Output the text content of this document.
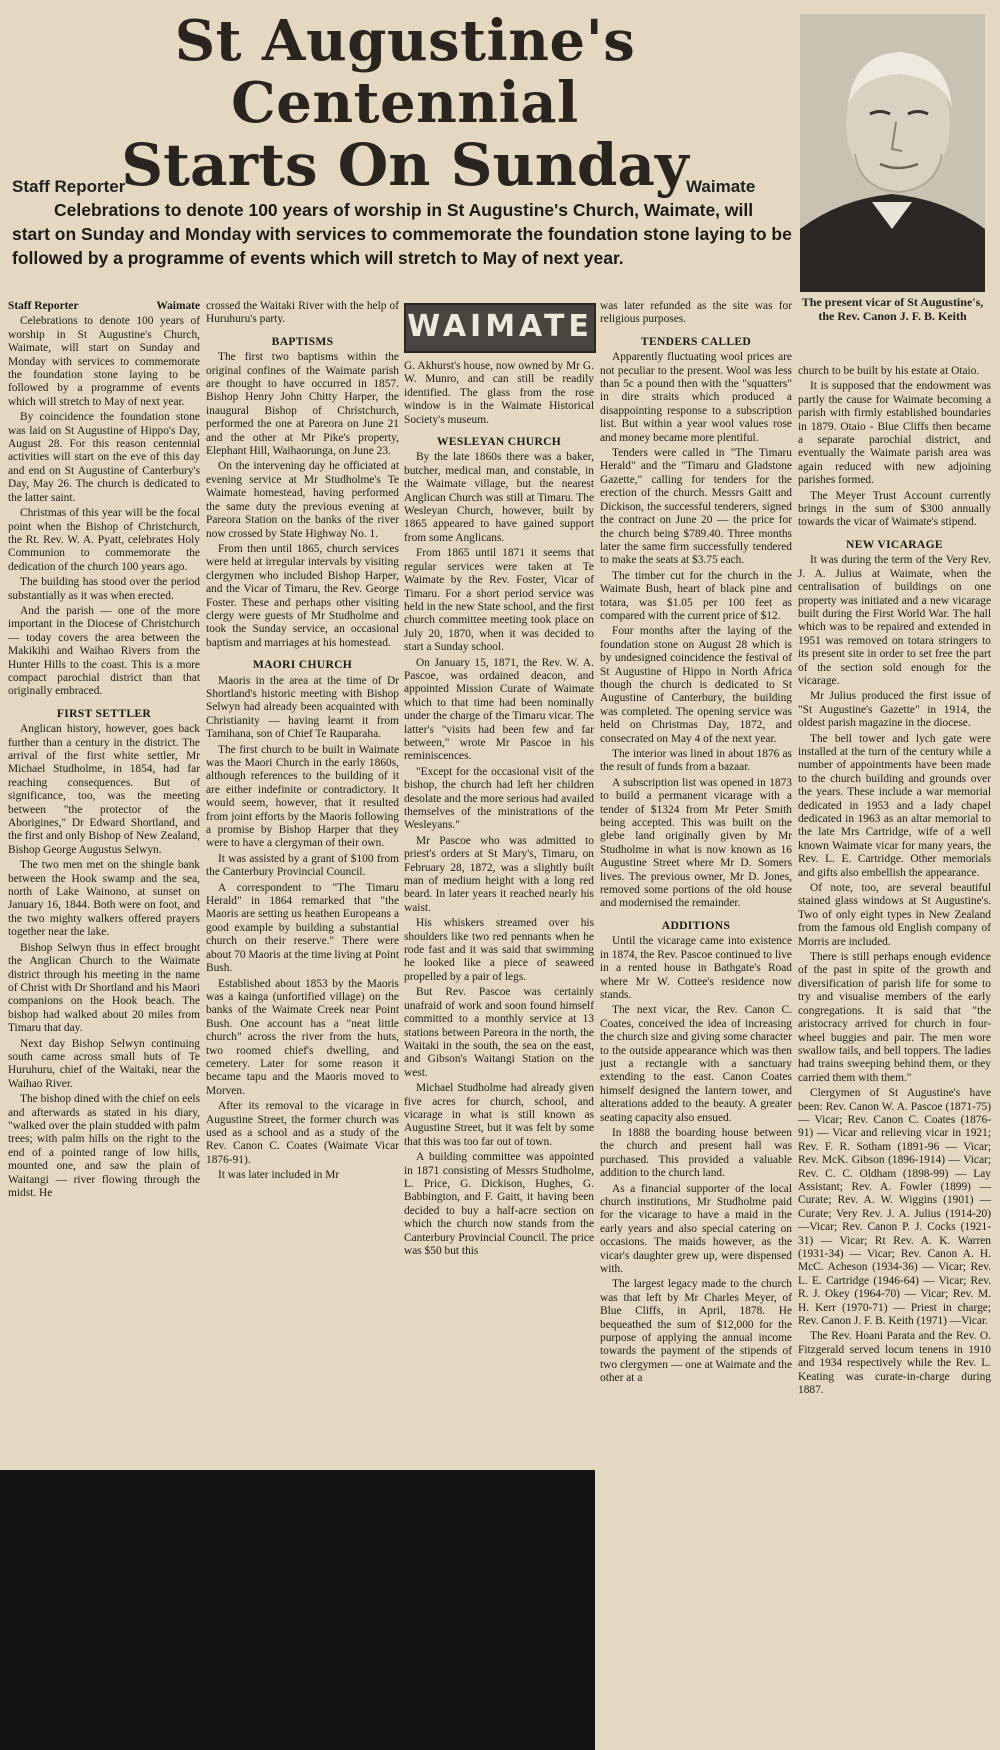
St Augustine's Centennial
Starts On Sunday
The present vicar of St Augustine's, the Rev. Canon J. F. B. Keith
Staff Reporter	Waimate

Celebrations to denote 100 years of worship in St Augustine's Church, Waimate, will start on Sunday and Monday with services to commemorate the foundation stone laying to be followed by a programme of events which will stretch to May of next year.

WAIMATE

Staff Reporter	Waimate

Celebrations to denote 100 years of worship in St Augustine's Church, Waimate, will start on Sunday and Monday with services to commemorate the foundation stone laying to be followed by a programme of events which will stretch to May of next year.

By coincidence the foundation stone was laid on St Augustine of Hippo's Day, August 28. For this reason centennial activities will start on the eve of this day and end on St Augustine of Canterbury's Day, May 26. The church is dedicated to the latter saint.

Christmas of this year will be the focal point when the Bishop of Christchurch, the Rt. Rev. W. A. Pyatt, celebrates Holy Communion to commemorate the dedication of the church 100 years ago.

The building has stood over the period substantially as it was when erected.

And the parish — one of the more important in the Diocese of Christchurch — today covers the area between the Makikihi and Waihao Rivers from the Hunter Hills to the coast. This is a more compact parochial district than that originally embraced.

FIRST SETTLER

Anglican history, however, goes back further than a century in the district. The arrival of the first white settler, Mr Michael Studholme, in 1854, had far reaching consequences. But of significance, too, was the meeting between "the protector of the Aborigines," Dr Edward Shortland, and the first and only Bishop of New Zealand, Bishop George Augustus Selwyn.

The two men met on the shingle bank between the Hook swamp and the sea, north of Lake Wainono, at sunset on January 16, 1844. Both were on foot, and the two mighty walkers offered prayers together near the lake.

Bishop Selwyn thus in effect brought the Anglican Church to the Waimate district through his meeting in the name of Christ with Dr Shortland and his Maori companions on the Hook beach. The bishop had walked about 20 miles from Timaru that day.

Next day Bishop Selwyn continuing south came across small huts of Te Huruhuru, chief of the Waitaki, near the Waihao River.

The bishop dined with the chief on eels and afterwards as stated in his diary, "walked over the plain studded with palm trees; with palm hills on the right to the end of a pointed range of low hills, mounted one, and saw the plain of Waitangi — river flowing through the midst. He

crossed the Waitaki River with the help of Huruhuru's party.

BAPTISMS

The first two baptisms within the original confines of the Waimate parish are thought to have occurred in 1857. Bishop Henry John Chitty Harper, the inaugural Bishop of Christchurch, performed the one at Pareora on June 21 and the other at Mr Pike's property, Elephant Hill, Waihaorunga, on June 23.

On the intervening day he officiated at evening service at Mr Studholme's Te Waimate homestead, having performed the same duty the previous evening at Pareora Station on the banks of the river now crossed by State Highway No. 1.

From then until 1865, church services were held at irregular intervals by visiting clergymen who included Bishop Harper, and the Vicar of Timaru, the Rev. George Foster. These and perhaps other visiting clergy were guests of Mr Studholme and took the Sunday service, an occasional baptism and marriages at his homestead.

MAORI CHURCH

Maoris in the area at the time of Dr Shortland's historic meeting with Bishop Selwyn had already been acquainted with Christianity — having learnt it from Tamihana, son of Chief Te Rauparaha.

The first church to be built in Waimate was the Maori Church in the early 1860s, although references to the building of it are either indefinite or contradictory. It would seem, however, that it resulted from joint efforts by the Maoris following a promise by Bishop Harper that they were to have a clergyman of their own.

It was assisted by a grant of $100 from the Canterbury Provincial Council.

A correspondent to "The Timaru Herald" in 1864 remarked that "the Maoris are setting us heathen Europeans a good example by building a substantial church on their reserve." There were about 70 Maoris at the time living at Point Bush.

Established about 1853 by the Maoris was a kainga (unfortified village) on the banks of the Waimate Creek near Point Bush. One account has a "neat little church" across the river from the huts, two roomed chief's dwelling, and cemetery. Later for some reason it became tapu and the Maoris moved to Morven.

After its removal to the vicarage in Augustine Street, the former church was used as a school and as a study of the Rev. Canon C. Coates (Waimate Vicar 1876-91).

It was later included in Mr

G. Akhurst's house, now owned by Mr G. W. Munro, and can still be readily identified. The glass from the rose window is in the Waimate Historical Society's museum.

WESLEYAN CHURCH

By the late 1860s there was a baker, butcher, medical man, and constable, in the Waimate village, but the nearest Anglican Church was still at Timaru. The Wesleyan Church, however, built by 1865 appeared to have gained support from some Anglicans.

From 1865 until 1871 it seems that regular services were taken at Te Waimate by the Rev. Foster, Vicar of Timaru. For a short period service was held in the new State school, and the first church committee meeting took place on July 20, 1870, when it was decided to start a Sunday school.

On January 15, 1871, the Rev. W. A. Pascoe, was ordained deacon, and appointed Mission Curate of Waimate which to that time had been nominally under the charge of the Timaru vicar. The latter's "visits had been few and far between," wrote Mr Pascoe in his reminiscences.

"Except for the occasional visit of the bishop, the church had left her children desolate and the more serious had availed themselves of the ministrations of the Wesleyans."

Mr Pascoe who was admitted to priest's orders at St Mary's, Timaru, on February 28, 1872, was a slightly built man of medium height with a long red beard. In later years it reached nearly his waist.

His whiskers streamed over his shoulders like two red pennants when he rode fast and it was said that swimming he looked like a piece of seaweed propelled by a pair of legs.

But Rev. Pascoe was certainly unafraid of work and soon found himself committed to a monthly service at 13 stations between Pareora in the north, the Waitaki in the south, the sea on the east, and Gibson's Waitangi Station on the west.

Michael Studholme had already given five acres for church, school, and vicarage in what is still known as Augustine Street, but it was felt by some that this was too far out of town.

A building committee was appointed in 1871 consisting of Messrs Studholme, L. Price, G. Dickison, Hughes, G. Babbington, and F. Gaitt, it having been decided to buy a half-acre section on which the church now stands from the Canterbury Provincial Council. The price was $50 but this

was later refunded as the site was for religious purposes.

TENDERS CALLED

Apparently fluctuating wool prices are not peculiar to the present. Wool was less than 5c a pound then with the "squatters" in dire straits which produced a disappointing response to a subscription list. But within a year wool values rose and money became more plentiful.

Tenders were called in "The Timaru Herald" and the "Timaru and Gladstone Gazette," calling for tenders for the erection of the church. Messrs Gaitt and Dickison, the successful tenderers, signed the contract on June 20 — the price for the church being $789.40. Three months later the same firm successfully tendered to make the seats at $3.75 each.

The timber cut for the church in the Waimate Bush, heart of black pine and totara, was $1.05 per 100 feet as compared with the current price of $12.

Four months after the laying of the foundation stone on August 28 which is by undesigned coincidence the festival of St Augustine of Hippo in North Africa though the church is dedicated to St Augustine of Canterbury, the building was completed. The opening service was held on Christmas Day, 1872, and consecrated on May 4 of the next year.

The interior was lined in about 1876 as the result of funds from a bazaar.

A subscription list was opened in 1873 to build a permanent vicarage with a tender of $1324 from Mr Peter Smith being accepted. This was built on the glebe land originally given by Mr Studholme in what is now known as 16 Augustine Street where Mr D. Somers lives. The previous owner, Mr D. Jones, removed some portions of the old house and modernised the remainder.

ADDITIONS

Until the vicarage came into existence in 1874, the Rev. Pascoe continued to live in a rented house in Bathgate's Road where Mr W. Cottee's residence now stands.

The next vicar, the Rev. Canon C. Coates, conceived the idea of increasing the church size and giving some character to the outside appearance which was then just a rectangle with a sanctuary extending to the east. Canon Coates himself designed the lantern tower, and alterations added to the beauty. A greater seating capacity also ensued.

In 1888 the boarding house between the church and present hall was purchased. This provided a valuable addition to the church land.

As a financial supporter of the local church institutions, Mr Studholme paid for the vicarage to have a maid in the early years and also special catering on occasions. The maids however, as the vicar's daughter grew up, were dispensed with.

The largest legacy made to the church was that left by Mr Charles Meyer, of Blue Cliffs, in April, 1878. He bequeathed the sum of $12,000 for the purpose of applying the annual income towards the payment of the stipends of two clergymen — one at Waimate and the other at a

church to be built by his estate at Otaio.

It is supposed that the endowment was partly the cause for Waimate becoming a parish with firmly established boundaries in 1879. Otaio - Blue Cliffs then became a separate parochial district, and eventually the Waimate parish area was again reduced with new adjoining parishes formed.

The Meyer Trust Account currently brings in the sum of $300 annually towards the vicar of Waimate's stipend.

NEW VICARAGE

It was during the term of the Very Rev. J. A. Julius at Waimate, when the centralisation of buildings on one property was initiated and a new vicarage built during the First World War. The hall which was to be repaired and extended in 1951 was removed on totara stringers to its present site in order to set free the part of the section sold enough for the vicarage.

Mr Julius produced the first issue of "St Augustine's Gazette" in 1914, the oldest parish magazine in the diocese.

The bell tower and lych gate were installed at the turn of the century while a number of appointments have been made to the church building and grounds over the years. These include a war memorial dedicated in 1953 and a lady chapel dedicated in 1963 as an altar memorial to the late Mrs Cartridge, wife of a well known Waimate vicar for many years, the Rev. L. E. Cartridge. Other memorials and gifts also embellish the appearance.

Of note, too, are several beautiful stained glass windows at St Augustine's. Two of only eight types in New Zealand from the famous old English company of Morris are included.

There is still perhaps enough evidence of the past in spite of the growth and diversification of parish life for some to try and visualise members of the early congregations. It is said that "the aristocracy arrived for church in four-wheel buggies and pair. The men wore swallow tails, and bell toppers. The ladies had trains sweeping behind them, or they carried them with them."

Clergymen of St Augustine's have been: Rev. Canon W. A. Pascoe (1871-75) — Vicar; Rev. Canon C. Coates (1876-91) — Vicar and relieving vicar in 1921; Rev. F. R. Sotham (1891-96 — Vicar; Rev. McK. Gibson (1896-1914) — Vicar; Rev. C. C. Oldham (1898-99) — Lay Assistant; Rev. A. Fowler (1899) — Curate; Rev. A. W. Wiggins (1901) — Curate; Very Rev. J. A. Julius (1914-20)—Vicar; Rev. Canon P. J. Cocks (1921-31) — Vicar; Rt Rev. A. K. Warren (1931-34) — Vicar; Rev. Canon A. H. McC. Acheson (1934-36) — Vicar; Rev. L. E. Cartridge (1946-64) — Vicar; Rev. R. J. Okey (1964-70) — Vicar; Rev. M. H. Kerr (1970-71) — Priest in charge; Rev. Canon J. F. B. Keith (1971) —Vicar.

The Rev. Hoani Parata and the Rev. O. Fitzgerald served locum tenens in 1910 and 1934 respectively while the Rev. L. Keating was curate-in-charge during 1887.
